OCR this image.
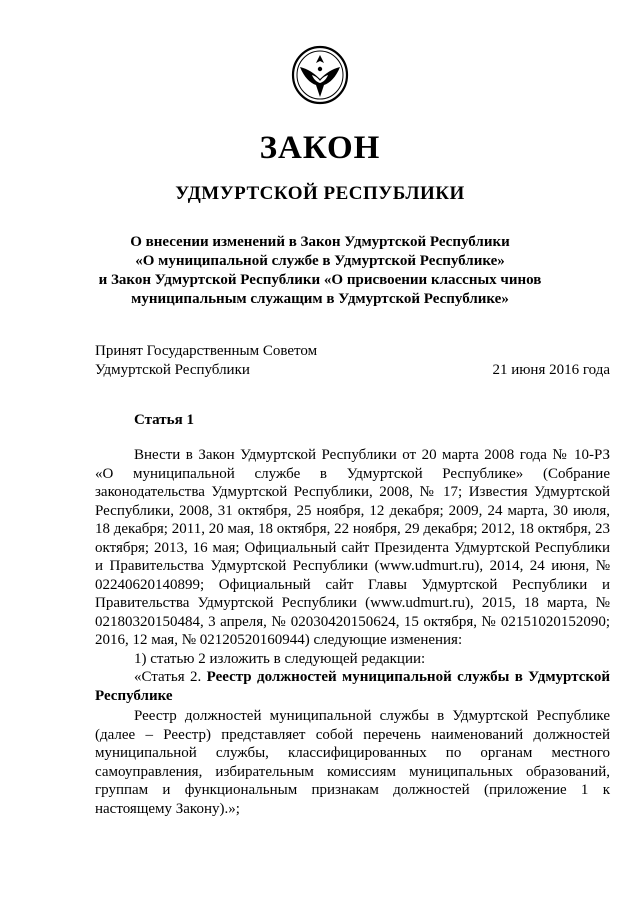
ЗАКОН
УДМУРТСКОЙ РЕСПУБЛИКИ
О внесении изменений в Закон Удмуртской Республики
«О муниципальной службе в Удмуртской Республике»
и Закон Удмуртской Республики «О присвоении классных чинов
муниципальным служащим в Удмуртской Республике»
Принят Государственным Советом
Удмуртской Республики	21 июня 2016 года
Статья 1

Внести в Закон Удмуртской Республики от 20 марта 2008 года № 10-РЗ «О муниципальной службе в Удмуртской Республике» (Собрание законодательства Удмуртской Республики, 2008, № 17; Известия Удмуртской Республики, 2008, 31 октября, 25 ноября, 12 декабря; 2009, 24 марта, 30 июля, 18 декабря; 2011, 20 мая, 18 октября, 22 ноября, 29 декабря; 2012, 18 октября, 23 октября; 2013, 16 мая; Официальный сайт Президента Удмуртской Республики и Правительства Удмуртской Республики (www.udmurt.ru), 2014, 24 июня, № 02240620140899; Официальный сайт Главы Удмуртской Республики и Правительства Удмуртской Республики (www.udmurt.ru), 2015, 18 марта, № 02180320150484, 3 апреля, № 02030420150624, 15 октября, № 02151020152090; 2016, 12 мая, № 02120520160944) следующие изменения:

1) статью 2 изложить в следующей редакции:

«Статья 2. Реестр должностей муниципальной службы в Удмуртской Республике

Реестр должностей муниципальной службы в Удмуртской Республике (далее – Реестр) представляет собой перечень наименований должностей муниципальной службы, классифицированных по органам местного самоуправления, избирательным комиссиям муниципальных образований, группам и функциональным признакам должностей (приложение 1 к настоящему Закону).»;
